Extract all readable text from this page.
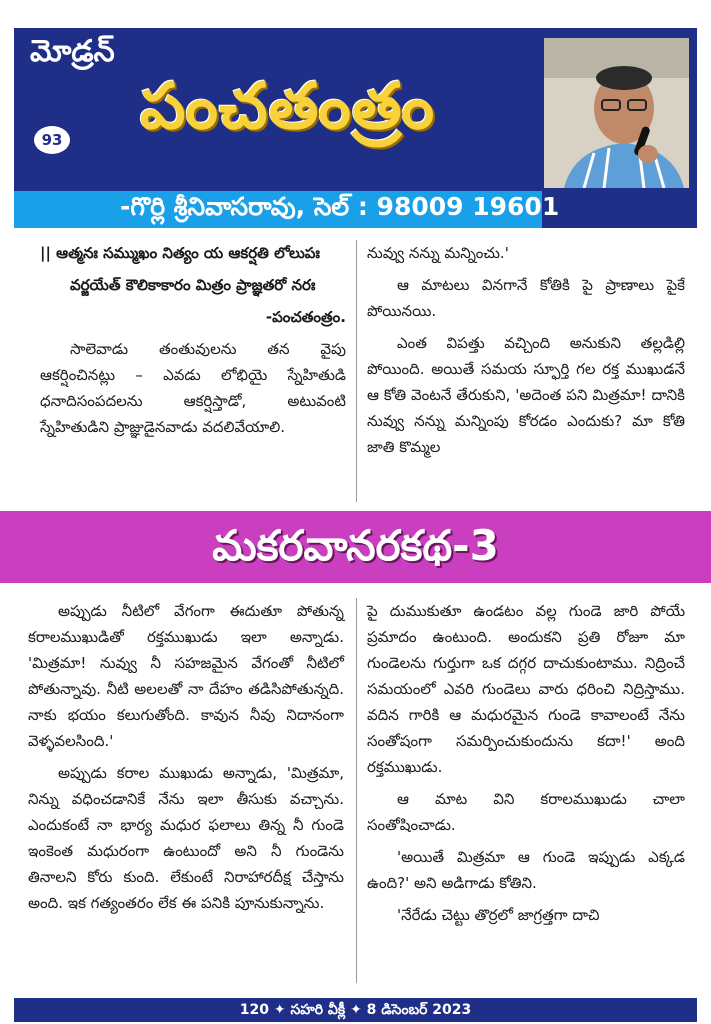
మోడ్రన్
93 పంచతంత్రం
-గొర్లి శ్రీనివాసరావు, సెల్ : 98009 19601

|| ఆత్మనః సమ్ముఖం నిత్యం య ఆకర్షతి లోలుపః

వర్జయేత్ కౌలికాకారం మిత్రం ప్రాజ్ఞతరో నరః

-పంచతంత్రం.

సాలెవాడు తంతువులను తన వైపు ఆకర్షించినట్లు – ఎవడు లోభియై స్నేహితుడి ధనాదిసంపదలను ఆకర్షిస్తాడో, అటువంటి స్నేహితుడిని ప్రాజ్ఞుడైనవాడు వదలివేయాలి.

నువ్వు నన్ను మన్నించు.'

ఆ మాటలు వినగానే కోతికి పై ప్రాణాలు పైకే పోయినయి.

ఎంత విపత్తు వచ్చింది అనుకుని తల్లడిల్లి పోయింది. అయితే సమయ స్ఫూర్తి గల రక్త ముఖుడనే ఆ కోతి వెంటనే తేరుకుని, 'అదెంత పని మిత్రమా! దానికి నువ్వు నన్ను మన్నింపు కోరడం ఎందుకు? మా కోతి జాతి కొమ్మల

మకరవానరకథ-3

అప్పుడు నీటిలో వేగంగా ఈదుతూ పోతున్న కరాలముఖుడితో రక్తముఖుడు ఇలా అన్నాడు. 'మిత్రమా! నువ్వు నీ సహజమైన వేగంతో నీటిలో పోతున్నావు. నీటి అలలతో నా దేహం తడిసిపోతున్నది. నాకు భయం కలుగుతోంది. కావున నీవు నిదానంగా వెళ్ళవలసింది.'

అప్పుడు కరాల ముఖుడు అన్నాడు, 'మిత్రమా, నిన్ను వధించడానికే నేను ఇలా తీసుకు వచ్చాను. ఎందుకంటే నా భార్య మధుర ఫలాలు తిన్న నీ గుండె ఇంకెంత మధురంగా ఉంటుందో అని నీ గుండెను తినాలని కోరు కుంది. లేకుంటే నిరాహారదీక్ష చేస్తాను అంది. ఇక గత్యంతరం లేక ఈ పనికి పూనుకున్నాను.

పై దుముకుతూ ఉండటం వల్ల గుండె జారి పోయే ప్రమాదం ఉంటుంది. అందుకని ప్రతి రోజూ మా గుండెలను గుర్తుగా ఒక దగ్గర దాచుకుంటాము. నిద్రించే సమయంలో ఎవరి గుండెలు వారు ధరించి నిద్రిస్తాము. వదిన గారికి ఆ మధురమైన గుండె కావాలంటే నేను సంతోషంగా సమర్పించుకుందును కదా!' అంది రక్తముఖుడు.

ఆ మాట విని కరాలముఖుడు చాలా సంతోషించాడు.

'అయితే మిత్రమా ఆ గుండె ఇప్పుడు ఎక్కడ ఉంది?' అని అడిగాడు కోతిని.

'నేరేడు చెట్టు తొర్రలో జాగ్రత్తగా దాచి

120 ✦ సహరి వీక్లీ ✦ 8 డిసెంబర్ 2023
